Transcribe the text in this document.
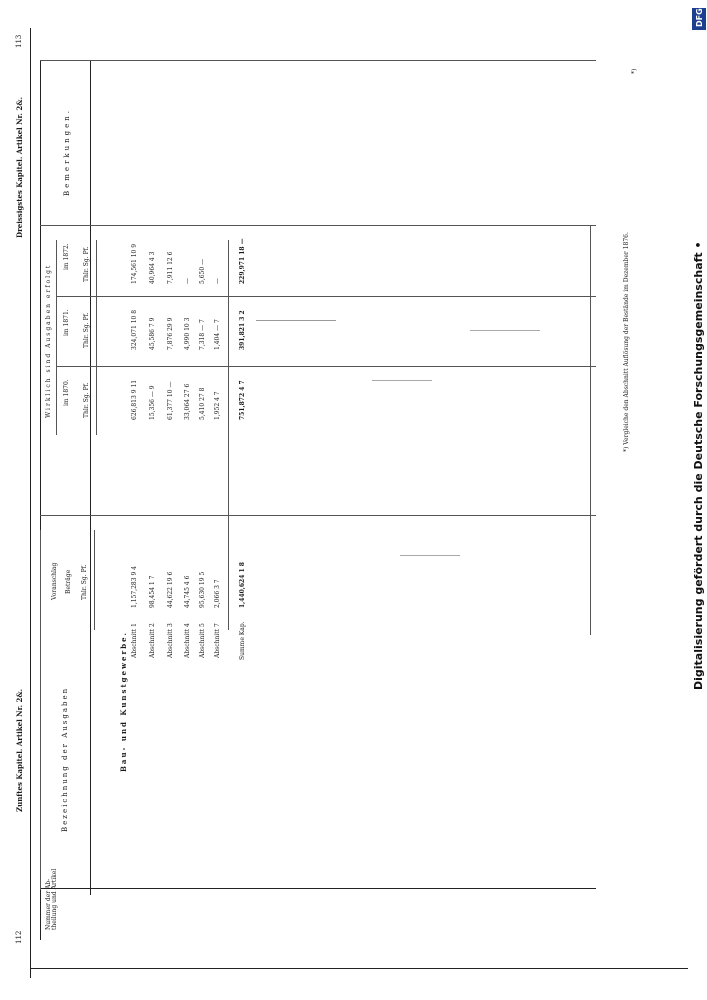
112
113
Zunftes Kapitel. Artikel Nr. 2&.
Dreissigstes Kapitel. Artikel Nr. 2&.
Nummer der Ab-theilung und Artikel
Bezeichnung der Ausgaben
Voranschlag Beträge Thlr. Sg. Pf.
Bau- und Kunstgewerbe. Abschnitt 1
1,157,283 9 4
Abschnitt 2
98,454 1 7
Abschnitt 3
44,622 19 6
Abschnitt 4
44,745 4 6
Abschnitt 5
95,630 19 5
Abschnitt 7
2,066 3 7
Summe Kap.
1,440,624 1 8
Wirklich sind Ausgaben erfolgt im 1870.
im 1871.
im 1872.
Thlr. Sg. Pf.
Thlr. Sg. Pf.
Thlr. Sg. Pf.
Bemerkungen.
626,813 9 11
324,071 10 8
174,561 10 9
15,356 — 9
45,586 7 9
40,964 4 3
61,377 10 —
7,876 29 9
7,911 12 6
33,064 27 6
4,990 10 3
—
5,410 27 8
7,318 — 7
5,650 —
1,952 4 7
1,404 — 7
—
751,872 4 7
391,821 3 2
229,971 18 —	*) Vergleiche den Abschnitt Auflösung der Bestände im Dezember 1876.
*)
DFG
Digitalisierung gefördert durch die Deutsche Forschungsgemeinschaft •
